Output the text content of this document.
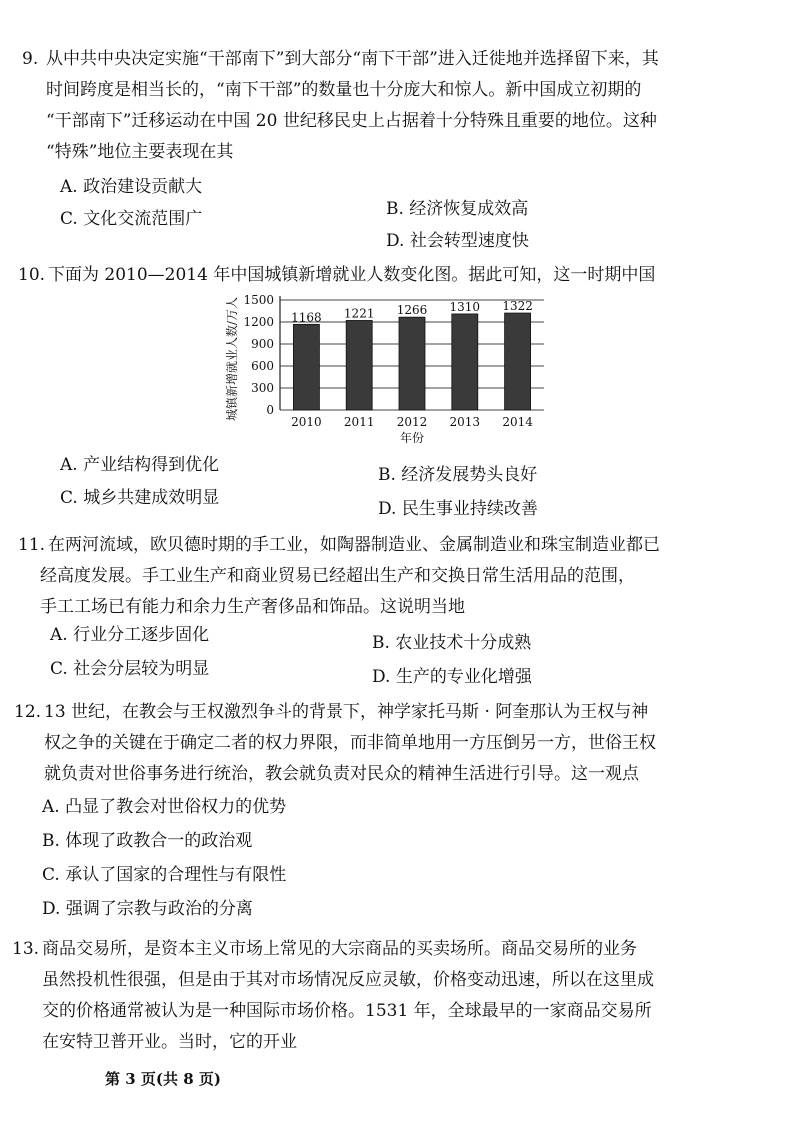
9. 从中共中央决定实施“干部南下”到大部分“南下干部”进入迁徙地并选择留下来，其
时间跨度是相当长的，“南下干部”的数量也十分庞大和惊人。新中国成立初期的
“干部南下”迁移运动在中国 20 世纪移民史上占据着十分特殊且重要的地位。这种
“特殊”地位主要表现在其
A. 政治建设贡献大
B. 经济恢复成效高
C. 文化交流范围广
D. 社会转型速度快
10. 下面为 2010—2014 年中国城镇新增就业人数变化图。据此可知，这一时期中国
0
300
600
900
1200
1500
1168
2010
1221
2011
1266
2012
1310
2013
1322
2014
年份
城镇新增就业人数/万人
A. 产业结构得到优化	B. 经济发展势头良好
C. 城乡共建成效明显
D. 民生事业持续改善
11. 在两河流域，欧贝德时期的手工业，如陶器制造业、金属制造业和珠宝制造业都已
经高度发展。手工业生产和商业贸易已经超出生产和交换日常生活用品的范围，
手工工场已有能力和余力生产奢侈品和饰品。这说明当地
A. 行业分工逐步固化	B. 农业技术十分成熟
C. 社会分层较为明显	D. 生产的专业化增强
12. 13 世纪，在教会与王权激烈争斗的背景下，神学家托马斯 · 阿奎那认为王权与神
权之争的关键在于确定二者的权力界限，而非简单地用一方压倒另一方，世俗王权
就负责对世俗事务进行统治，教会就负责对民众的精神生活进行引导。这一观点
A. 凸显了教会对世俗权力的优势
B. 体现了政教合一的政治观
C. 承认了国家的合理性与有限性
D. 强调了宗教与政治的分离
13. 商品交易所，是资本主义市场上常见的大宗商品的买卖场所。商品交易所的业务
虽然投机性很强，但是由于其对市场情况反应灵敏，价格变动迅速，所以在这里成
交的价格通常被认为是一种国际市场价格。1531 年，全球最早的一家商品交易所
在安特卫普开业。当时，它的开业
第 3 页(共 8 页)
